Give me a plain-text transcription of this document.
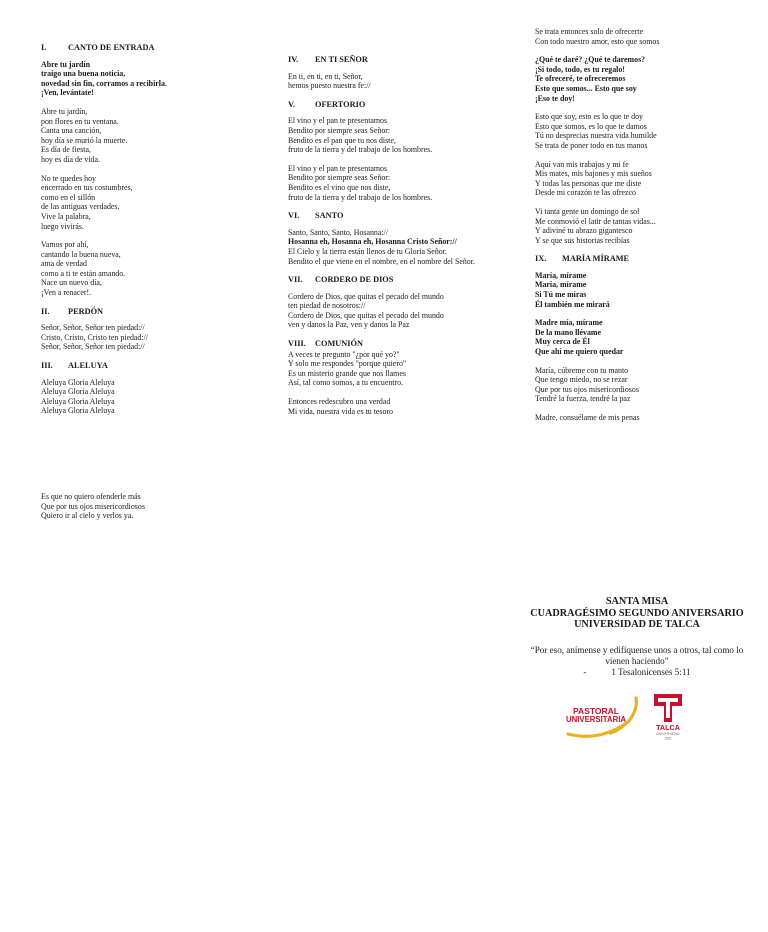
I.	CANTO DE ENTRADA
Abre tu jardín
traigo una buena noticia,
novedad sin fin, corramos a recibirla.
¡Ven, levántate!
Abre tu jardín,
pon flores en tu ventana.
Canta una canción,
hoy día se murió la muerte.
Es día de fiesta,
hoy es día de vida.
No te quedes hoy
encerrado en tus costumbres,
como en el sillón
de las antiguas verdades.
Vive la palabra,
luego vivirás.
Vamos por ahí,
cantando la buena nueva,
ama de verdad
como a ti te están amando.
Nace un nuevo día,
¡Ven a renacer!.
II. PERDÓN
Señor, Señor, Señor ten piedad://
Cristo, Cristo, Cristo ten piedad://
Señor, Señor, Señor ten piedad://
III. ALELUYA
Aleluya Gloria Aleluya
Aleluya Gloria Aleluya
Aleluya Gloria Aleluya
Aleluya Gloria Aleluya
Es que no quiero ofenderle más
Que por tus ojos misericordiosos
Quiero ir al cielo y verlos ya.
IV. EN TI SEÑOR
En ti, en ti, en ti, Señor,
hemos puesto nuestra fe://
V. OFERTORIO
El vino y el pan te presentamos
Bendito por siempre seas Señor:
Bendito es el pan que tu nos diste,
fruto de la tierra y del trabajo de los hombres.
El vino y el pan te presentamos
Bendito por siempre seas Señor:
Bendito es el vino que nos diste,
fruto de la tierra y del trabajo de los hombres.
VI. SANTO
Santo, Santo, Santo, Hosanna://
Hosanna eh, Hosanna eh, Hosanna Cristo Señor://
El Cielo y la tierra están llenos de tu Gloria Señor.
Bendito el que viene en el nombre, en el nombre del Señor.
VII. CORDERO DE DIOS
Cordero de Dios, que quitas el pecado del mundo
ten piedad de nosotros://
Cordero de Dios, que quitas el pecado del mundo
ven y danos la Paz, ven y danos la Paz
VIII. COMUNIÓN
A veces te pregunto "¿por qué yo?"
Y solo me respondes "porque quiero"
Es un misterio grande que nos llames
Así, tal como somos, a tu encuentro.
Entonces redescubro una verdad
Mi vida, nuestra vida es tu tesoro
Se trata entonces solo de ofrecerte
Con todo nuestro amor, esto que somos
¿Qué te daré? ¿Qué te daremos?
¡Si todo, todo, es tu regalo!
Te ofreceré, te ofreceremos
Esto que somos... Esto que soy
¡Eso te doy!
Esto que soy, esto es lo que te doy
Esto que somos, es lo que te damos
Tú no desprecias nuestra vida humilde
Se trata de poner todo en tus manos
Aquí van mis trabajos y mi fe
Mis mates, mis bajones y mis sueños
Y todas las personas que me diste
Desde mi corazón te las ofrezco
Vi tanta gente un domingo de sol
Me conmovió el latir de tantas vidas...
Y adiviné tu abrazo gigantesco
Y se que sus historias recibías
IX. MARÍA MÍRAME
María, mírame
María, mírame
Si Tú me miras
Él también me mirará
Madre mía, mírame
De la mano llévame
Muy cerca de Él
Que ahí me quiero quedar
María, cúbreme con tu manto
Que tengo miedo, no se rezar
Que por tus ojos misericordiosos
Tendré la fuerza, tendré la paz
Madre, consuélame de mis penas
SANTA MISA
CUADRAGÉSIMO SEGUNDO ANIVERSARIO
UNIVERSIDAD DE TALCA
“Por eso, anímense y edifíquense unos a otros, tal como lo vienen haciendo”
-	1 Tesalonicenses 5:11
PASTORAL
UNIVERSITARIA
TALCA
UNIVERSIDAD
1981
